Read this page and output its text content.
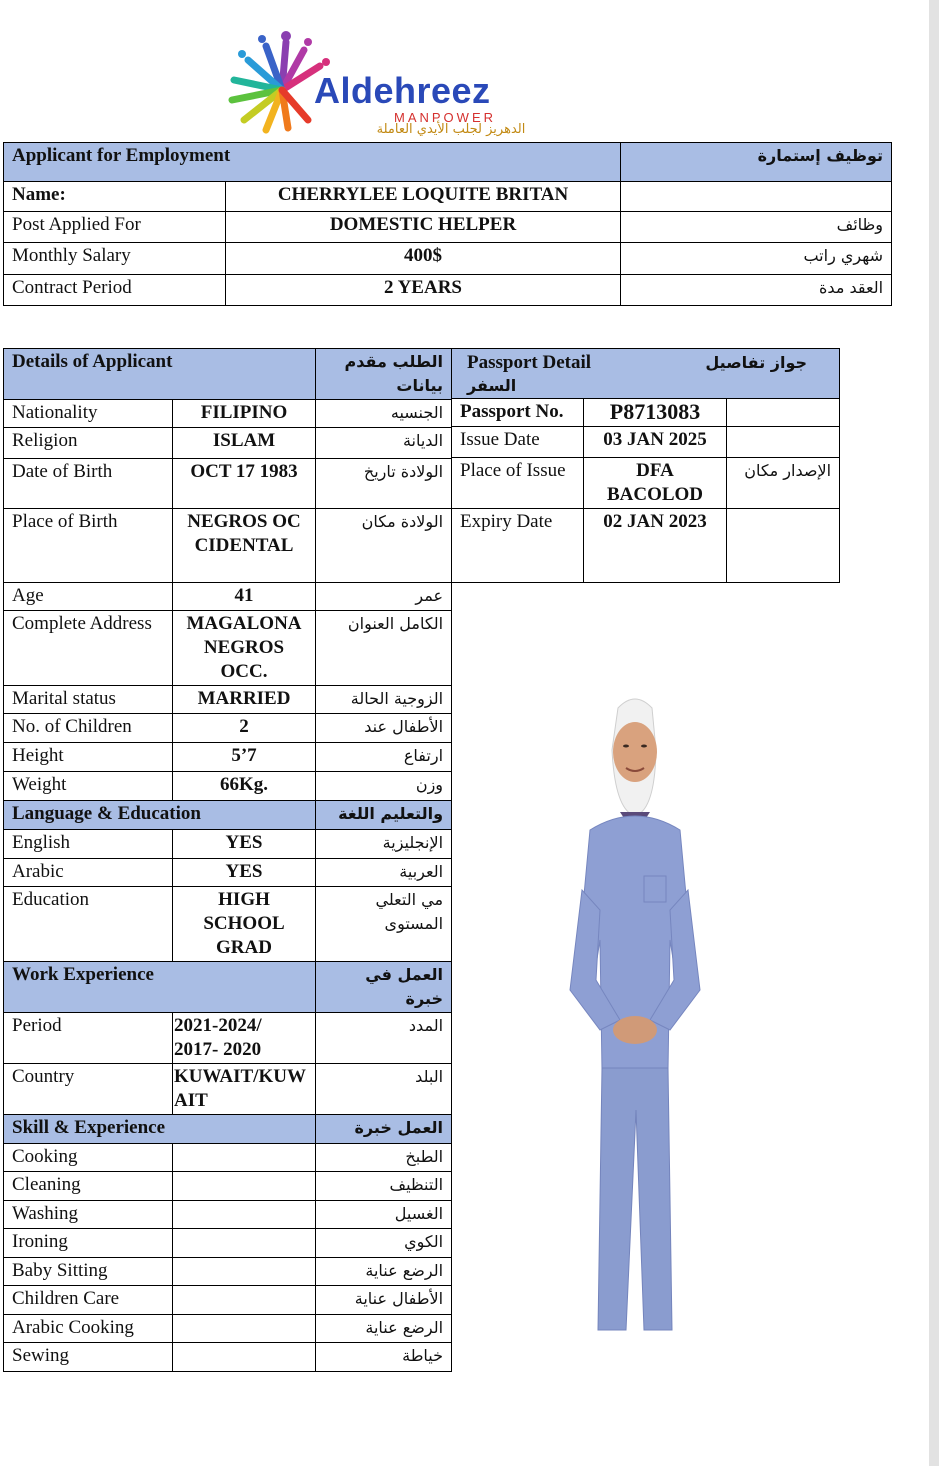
Aldehreez
MANPOWER
الدهريز لجلب الأيدي العاملة
Applicant for Employment		توظيف إستمارة
Name:	CHERRYLEE LOQUITE BRITAN	
Post Applied For	DOMESTIC HELPER	وظائف
Monthly Salary	400$	شهري راتب
Contract Period	2 YEARS	العقد مدة
Details of Applicant		الطلب مقدم بيانات
Nationality	FILIPINO	الجنسيه
Religion	ISLAM	الديانة
Date of Birth	OCT 17 1983	الولادة تاريخ
Place of Birth	NEGROS OCCIDENTAL	الولادة مكان
Age	41	عمر
Complete Address	MAGALONA NEGROS OCC.	الكامل العنوان
Marital status	MARRIED	الزوجية الحالة
No. of Children	2	الأطفال عند
Height	5’7	ارتفاع
Weight	66Kg.	وزن
Language & Education		والتعليم اللغة
English	YES	الإنجليزية
Arabic	YES	العربية
Education	HIGH SCHOOL GRAD	مي التعلي المستوى
Work Experience		العمل في خبرة
Period	2021-2024/ 2017- 2020	المدد
Country	KUWAIT/KUWAIT	البلد
Skill & Experience		العمل خبرة
Cooking		الطبخ
Cleaning		التنظيف
Washing		الغسيل
Ironing		الكوي
Baby Sitting		الرضع عناية
Children Care		الأطفال عناية
Arabic Cooking		الرضع عناية
Sewing		خياطة
Passport Detail جواز تفاصيل
السفر		

Passport No.	P8713083	
Issue Date	03 JAN 2025	
Place of Issue	DFA BACOLOD	الإصدار مكان
Expiry Date	02 JAN 2023	
